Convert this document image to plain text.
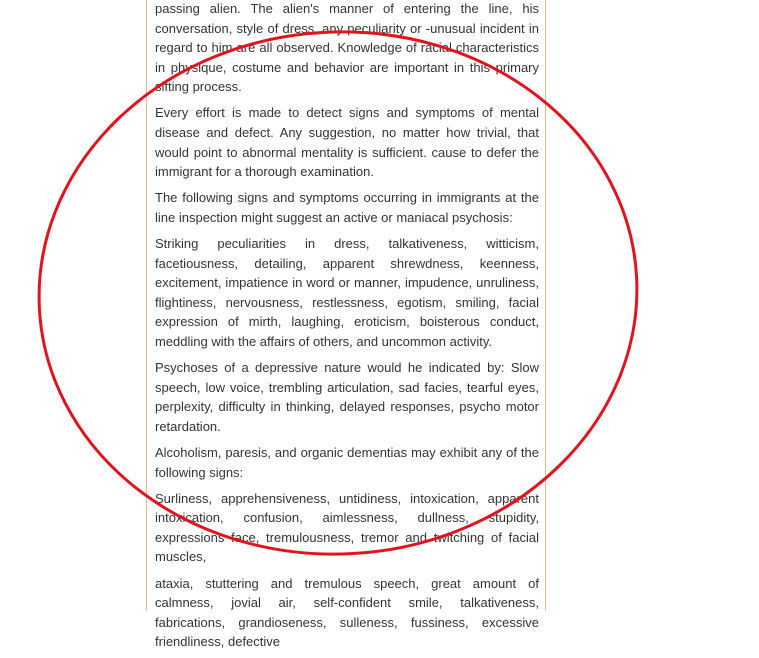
passing alien. The alien's manner of entering the line, his conversation, style of dress, any peculiarity or -unusual incident in regard to him are all observed. Knowledge of racial characteristics in physique, costume and behavior are important in this primary sifting process.

Every effort is made to detect signs and symptoms of mental disease and defect. Any suggestion, no matter how trivial, that would point to abnormal mentality is sufficient. cause to defer the immigrant for a thorough examination.

The following signs and symptoms occurring in immigrants at the line inspection might suggest an active or maniacal psychosis:

Striking peculiarities in dress, talkativeness, witticism, facetiousness, detailing, apparent shrewdness, keenness, excitement, impatience in word or manner, impudence, unruliness, flightiness, nervousness, restlessness, egotism, smiling, facial expression of mirth, laughing, eroticism, boisterous conduct, meddling with the affairs of others, and uncommon activity.

Psychoses of a depressive nature would he indicated by: Slow speech, low voice, trembling articulation, sad facies, tearful eyes, perplexity, difficulty in thinking, delayed responses, psycho motor retardation.

Alcoholism, paresis, and organic dementias may exhibit any of the following signs:

Surliness, apprehensiveness, untidiness, intoxication, apparent intoxication, confusion, aimlessness, dullness, stupidity, expressions face, tremulousness, tremor and twitching of facial muscles,

ataxia, stuttering and tremulous speech, great amount of calmness, jovial air, self-confident smile, talkativeness, fabrications, grandioseness, sulleness, fussiness, excessive friendliness, defective
